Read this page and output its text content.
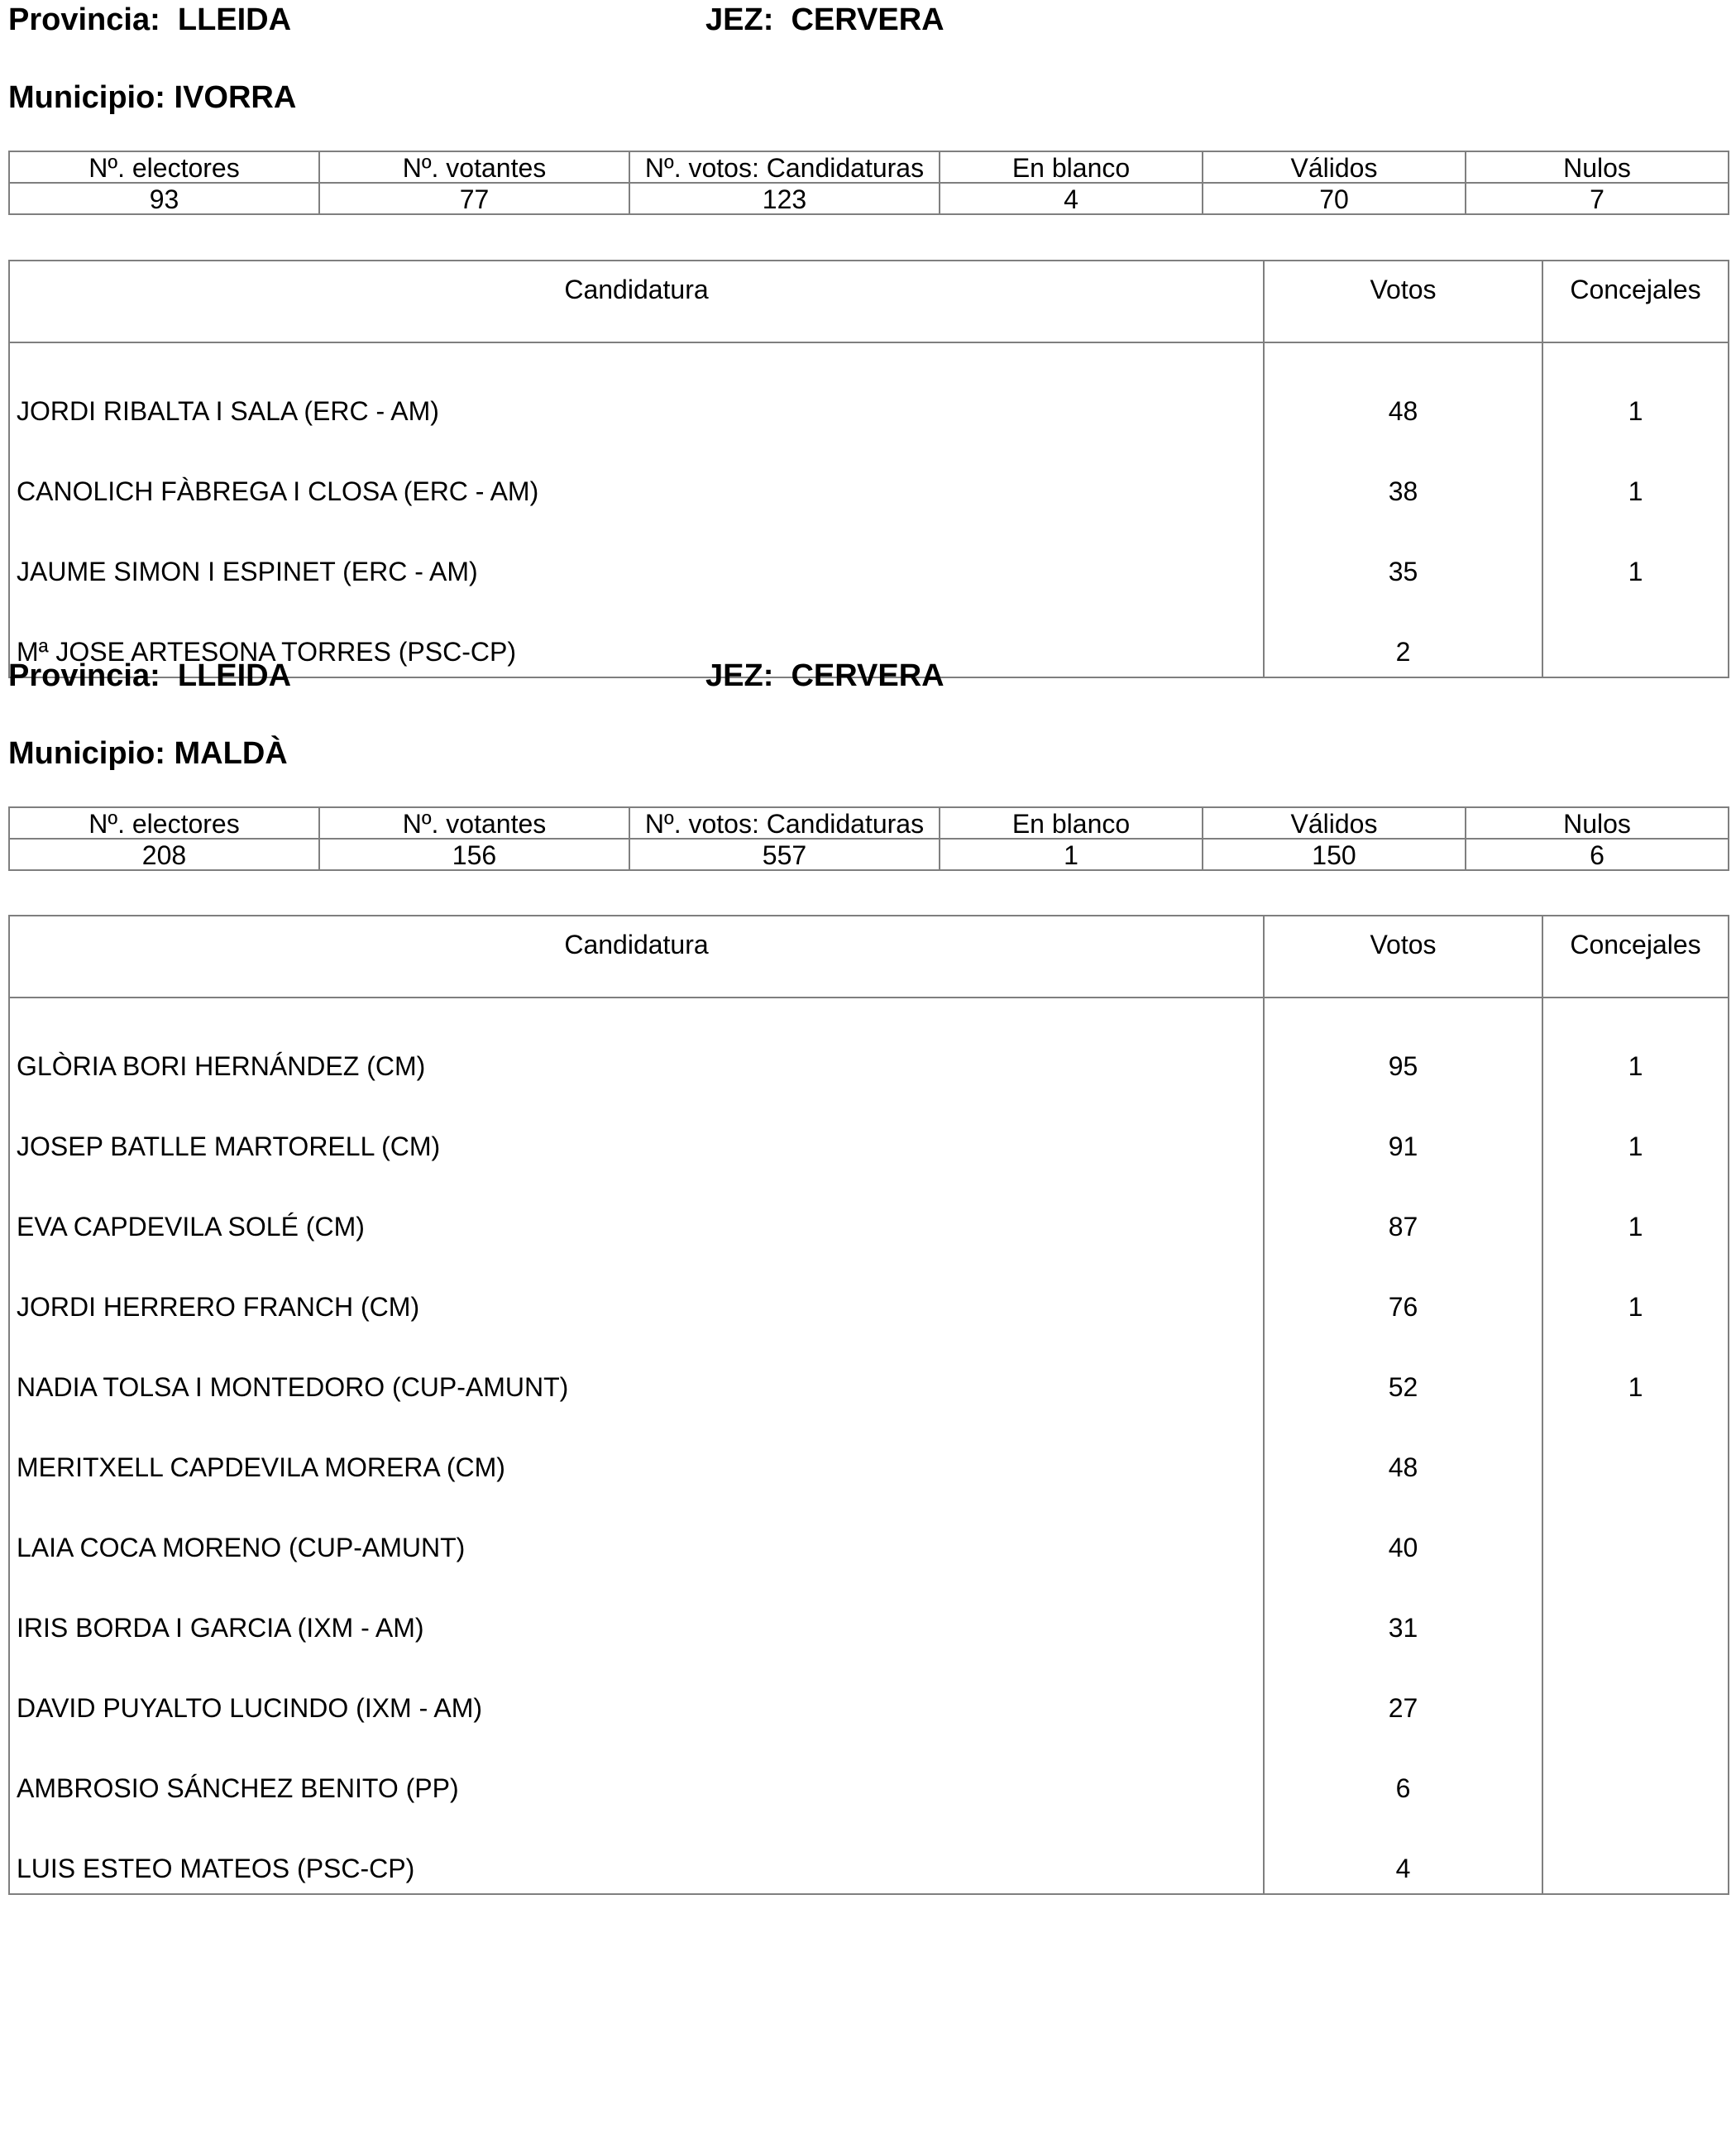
Provincia: LLEIDA	JEZ: CERVERA
Municipio: IVORRA
Nº. electores	Nº. votantes	Nº. votos: Candidaturas	En blanco	Válidos	Nulos
93	77	123	4	70	7
Candidatura	Votos	Concejales
JORDI RIBALTA I SALA (ERC - AM)	48	1
CANOLICH FÀBREGA I CLOSA (ERC - AM)	38	1
JAUME SIMON I ESPINET (ERC - AM)	35	1
Mª JOSE ARTESONA TORRES (PSC-CP)	2	
Provincia: LLEIDA	JEZ: CERVERA
Municipio: MALDÀ
Nº. electores	Nº. votantes	Nº. votos: Candidaturas	En blanco	Válidos	Nulos
208	156	557	1	150	6
Candidatura	Votos	Concejales
GLÒRIA BORI HERNÁNDEZ (CM)	95	1
JOSEP BATLLE MARTORELL (CM)	91	1
EVA CAPDEVILA SOLÉ (CM)	87	1
JORDI HERRERO FRANCH (CM)	76	1
NADIA TOLSA I MONTEDORO (CUP-AMUNT)	52	1
MERITXELL CAPDEVILA MORERA (CM)	48	
LAIA COCA MORENO (CUP-AMUNT)	40	
IRIS BORDA I GARCIA (IXM - AM)	31	
DAVID PUYALTO LUCINDO (IXM - AM)	27	
AMBROSIO SÁNCHEZ BENITO (PP)	6	
LUIS ESTEO MATEOS (PSC-CP)	4	
